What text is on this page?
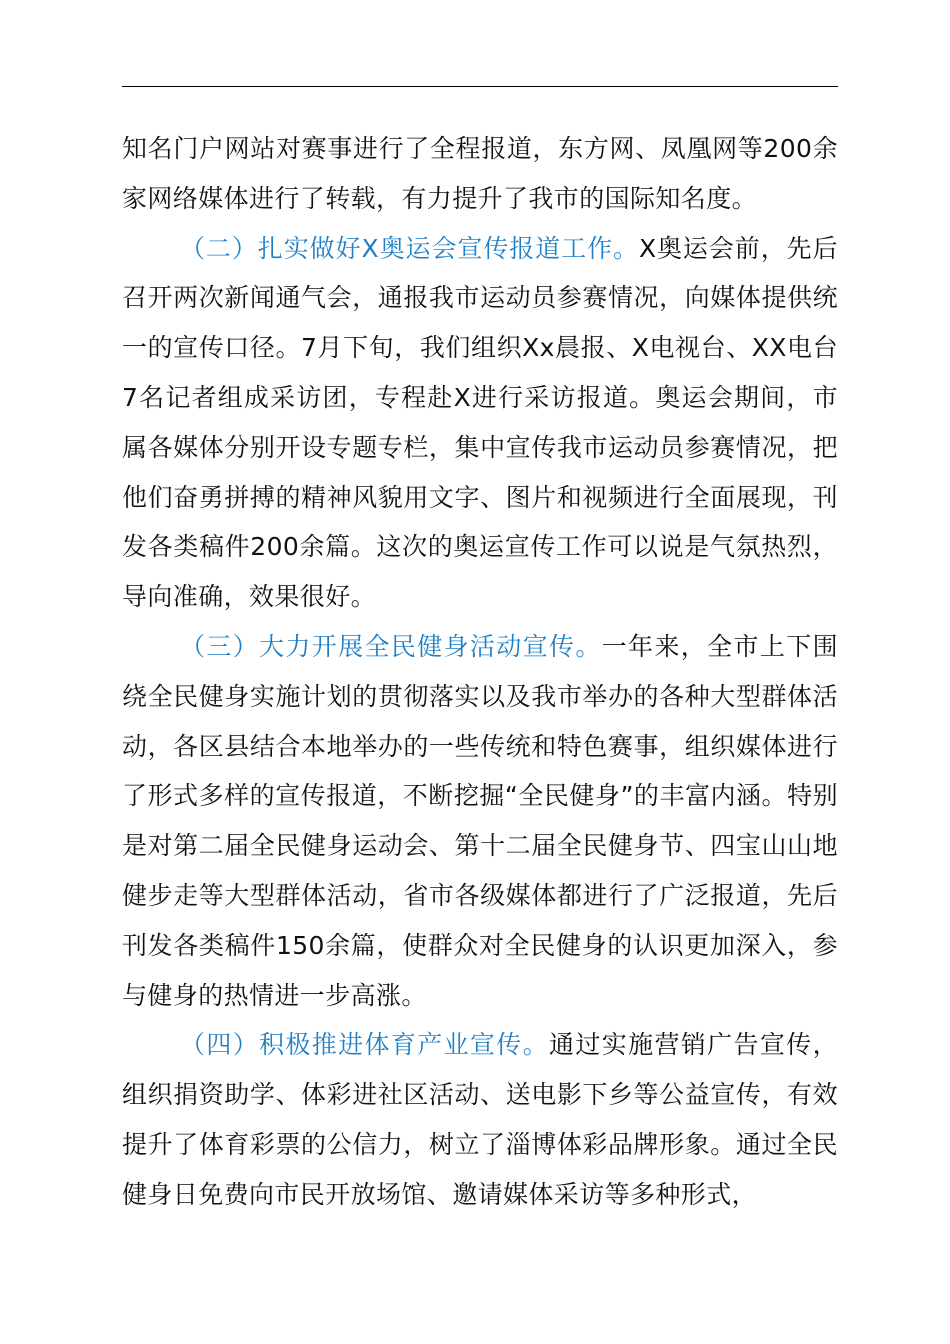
知名门户网站对赛事进行了全程报道，东方网、凤凰网等200余家网络媒体进行了转载，有力提升了我市的国际知名度。

（二）扎实做好X奥运会宣传报道工作。X奥运会前，先后召开两次新闻通气会，通报我市运动员参赛情况，向媒体提供统一的宣传口径。7月下旬，我们组织Xx晨报、X电视台、XX电台7名记者组成采访团，专程赴X进行采访报道。奥运会期间，市属各媒体分别开设专题专栏，集中宣传我市运动员参赛情况，把他们奋勇拼搏的精神风貌用文字、图片和视频进行全面展现，刊发各类稿件200余篇。这次的奥运宣传工作可以说是气氛热烈，导向准确，效果很好。

（三）大力开展全民健身活动宣传。一年来，全市上下围绕全民健身实施计划的贯彻落实以及我市举办的各种大型群体活动，各区县结合本地举办的一些传统和特色赛事，组织媒体进行了形式多样的宣传报道，不断挖掘“全民健身”的丰富内涵。特别是对第二届全民健身运动会、第十二届全民健身节、四宝山山地健步走等大型群体活动，省市各级媒体都进行了广泛报道，先后刊发各类稿件150余篇，使群众对全民健身的认识更加深入，参与健身的热情进一步高涨。

（四）积极推进体育产业宣传。通过实施营销广告宣传，组织捐资助学、体彩进社区活动、送电影下乡等公益宣传，有效提升了体育彩票的公信力，树立了淄博体彩品牌形象。通过全民健身日免费向市民开放场馆、邀请媒体采访等多种形式，
